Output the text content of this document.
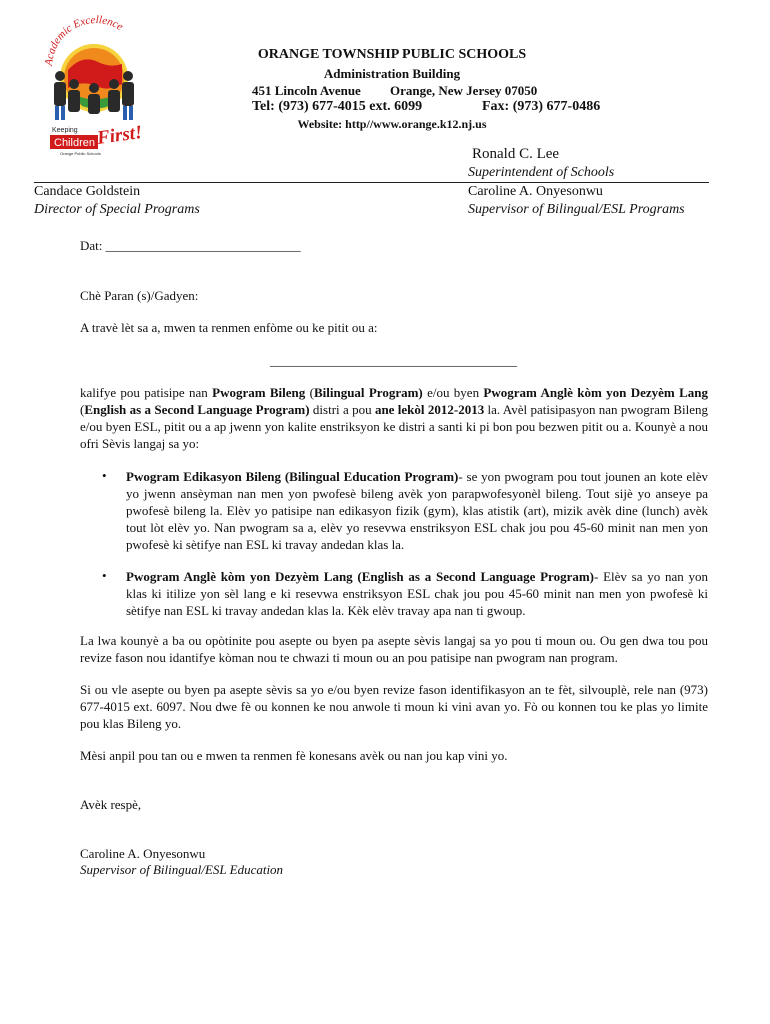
Academic Excellence
Keeping
Children First!
Orange Public Schools
ORANGE TOWNSHIP PUBLIC SCHOOLS
Administration Building
451 Lincoln Avenue Orange, New Jersey 07050
Tel: (973) 677-4015 ext. 6099	Fax: (973) 677-0486
Website: http//www.orange.k12.nj.us
Ronald C. Lee
Superintendent of Schools
Candace Goldstein
Director of Special Programs
Caroline A. Onyesonwu
Supervisor of Bilingual/ESL Programs
Dat: ______________________________
Chè Paran (s)/Gadyen:
A travè lèt sa a, mwen ta renmen enfòme ou ke pitit ou a:
______________________________________
kalifye pou patisipe nan Pwogram Bileng (Bilingual Program) e/ou byen Pwogram Anglè kòm yon Dezyèm Lang (English as a Second Language Program) distri a pou ane lekòl 2012-2013 la. Avèl patisipasyon nan pwogram Bileng e/ou byen ESL, pitit ou a ap jwenn yon kalite enstriksyon ke distri a santi ki pi bon pou bezwen pitit ou a. Kounyè a nou ofri Sèvis langaj sa yo:
• Pwogram Edikasyon Bileng (Bilingual Education Program)- se yon pwogram pou tout jounen an kote elèv yo jwenn ansèyman nan men yon pwofesè bileng avèk yon parapwofesyonèl bileng. Tout sijè yo anseye pa pwofesè bileng la. Elèv yo patisipe nan edikasyon fizik (gym), klas atistik (art), mizik avèk dine (lunch) avèk tout lòt elèv yo. Nan pwogram sa a, elèv yo resevwa enstriksyon ESL chak jou pou 45-60 minit nan men yon pwofesè ki sètifye nan ESL ki travay andedan klas la.
• Pwogram Anglè kòm yon Dezyèm Lang (English as a Second Language Program)- Elèv sa yo nan yon klas ki itilize yon sèl lang e ki resevwa enstriksyon ESL chak jou pou 45-60 minit nan men yon pwofesè ki sètifye nan ESL ki travay andedan klas la. Kèk elèv travay apa nan ti gwoup.
La lwa kounyè a ba ou opòtinite pou asepte ou byen pa asepte sèvis langaj sa yo pou ti moun ou. Ou gen dwa tou pou revize fason nou idantifye kòman nou te chwazi ti moun ou an pou patisipe nan pwogram nan program.
Si ou vle asepte ou byen pa asepte sèvis sa yo e/ou byen revize fason identifikasyon an te fèt, silvouplè, rele nan (973) 677-4015 ext. 6097. Nou dwe fè ou konnen ke nou anwole ti moun ki vini avan yo. Fò ou konnen tou ke plas yo limite pou klas Bileng yo.
Mèsi anpil pou tan ou e mwen ta renmen fè konesans avèk ou nan jou kap vini yo.
Avèk respè,
Caroline A. Onyesonwu
Supervisor of Bilingual/ESL Education
